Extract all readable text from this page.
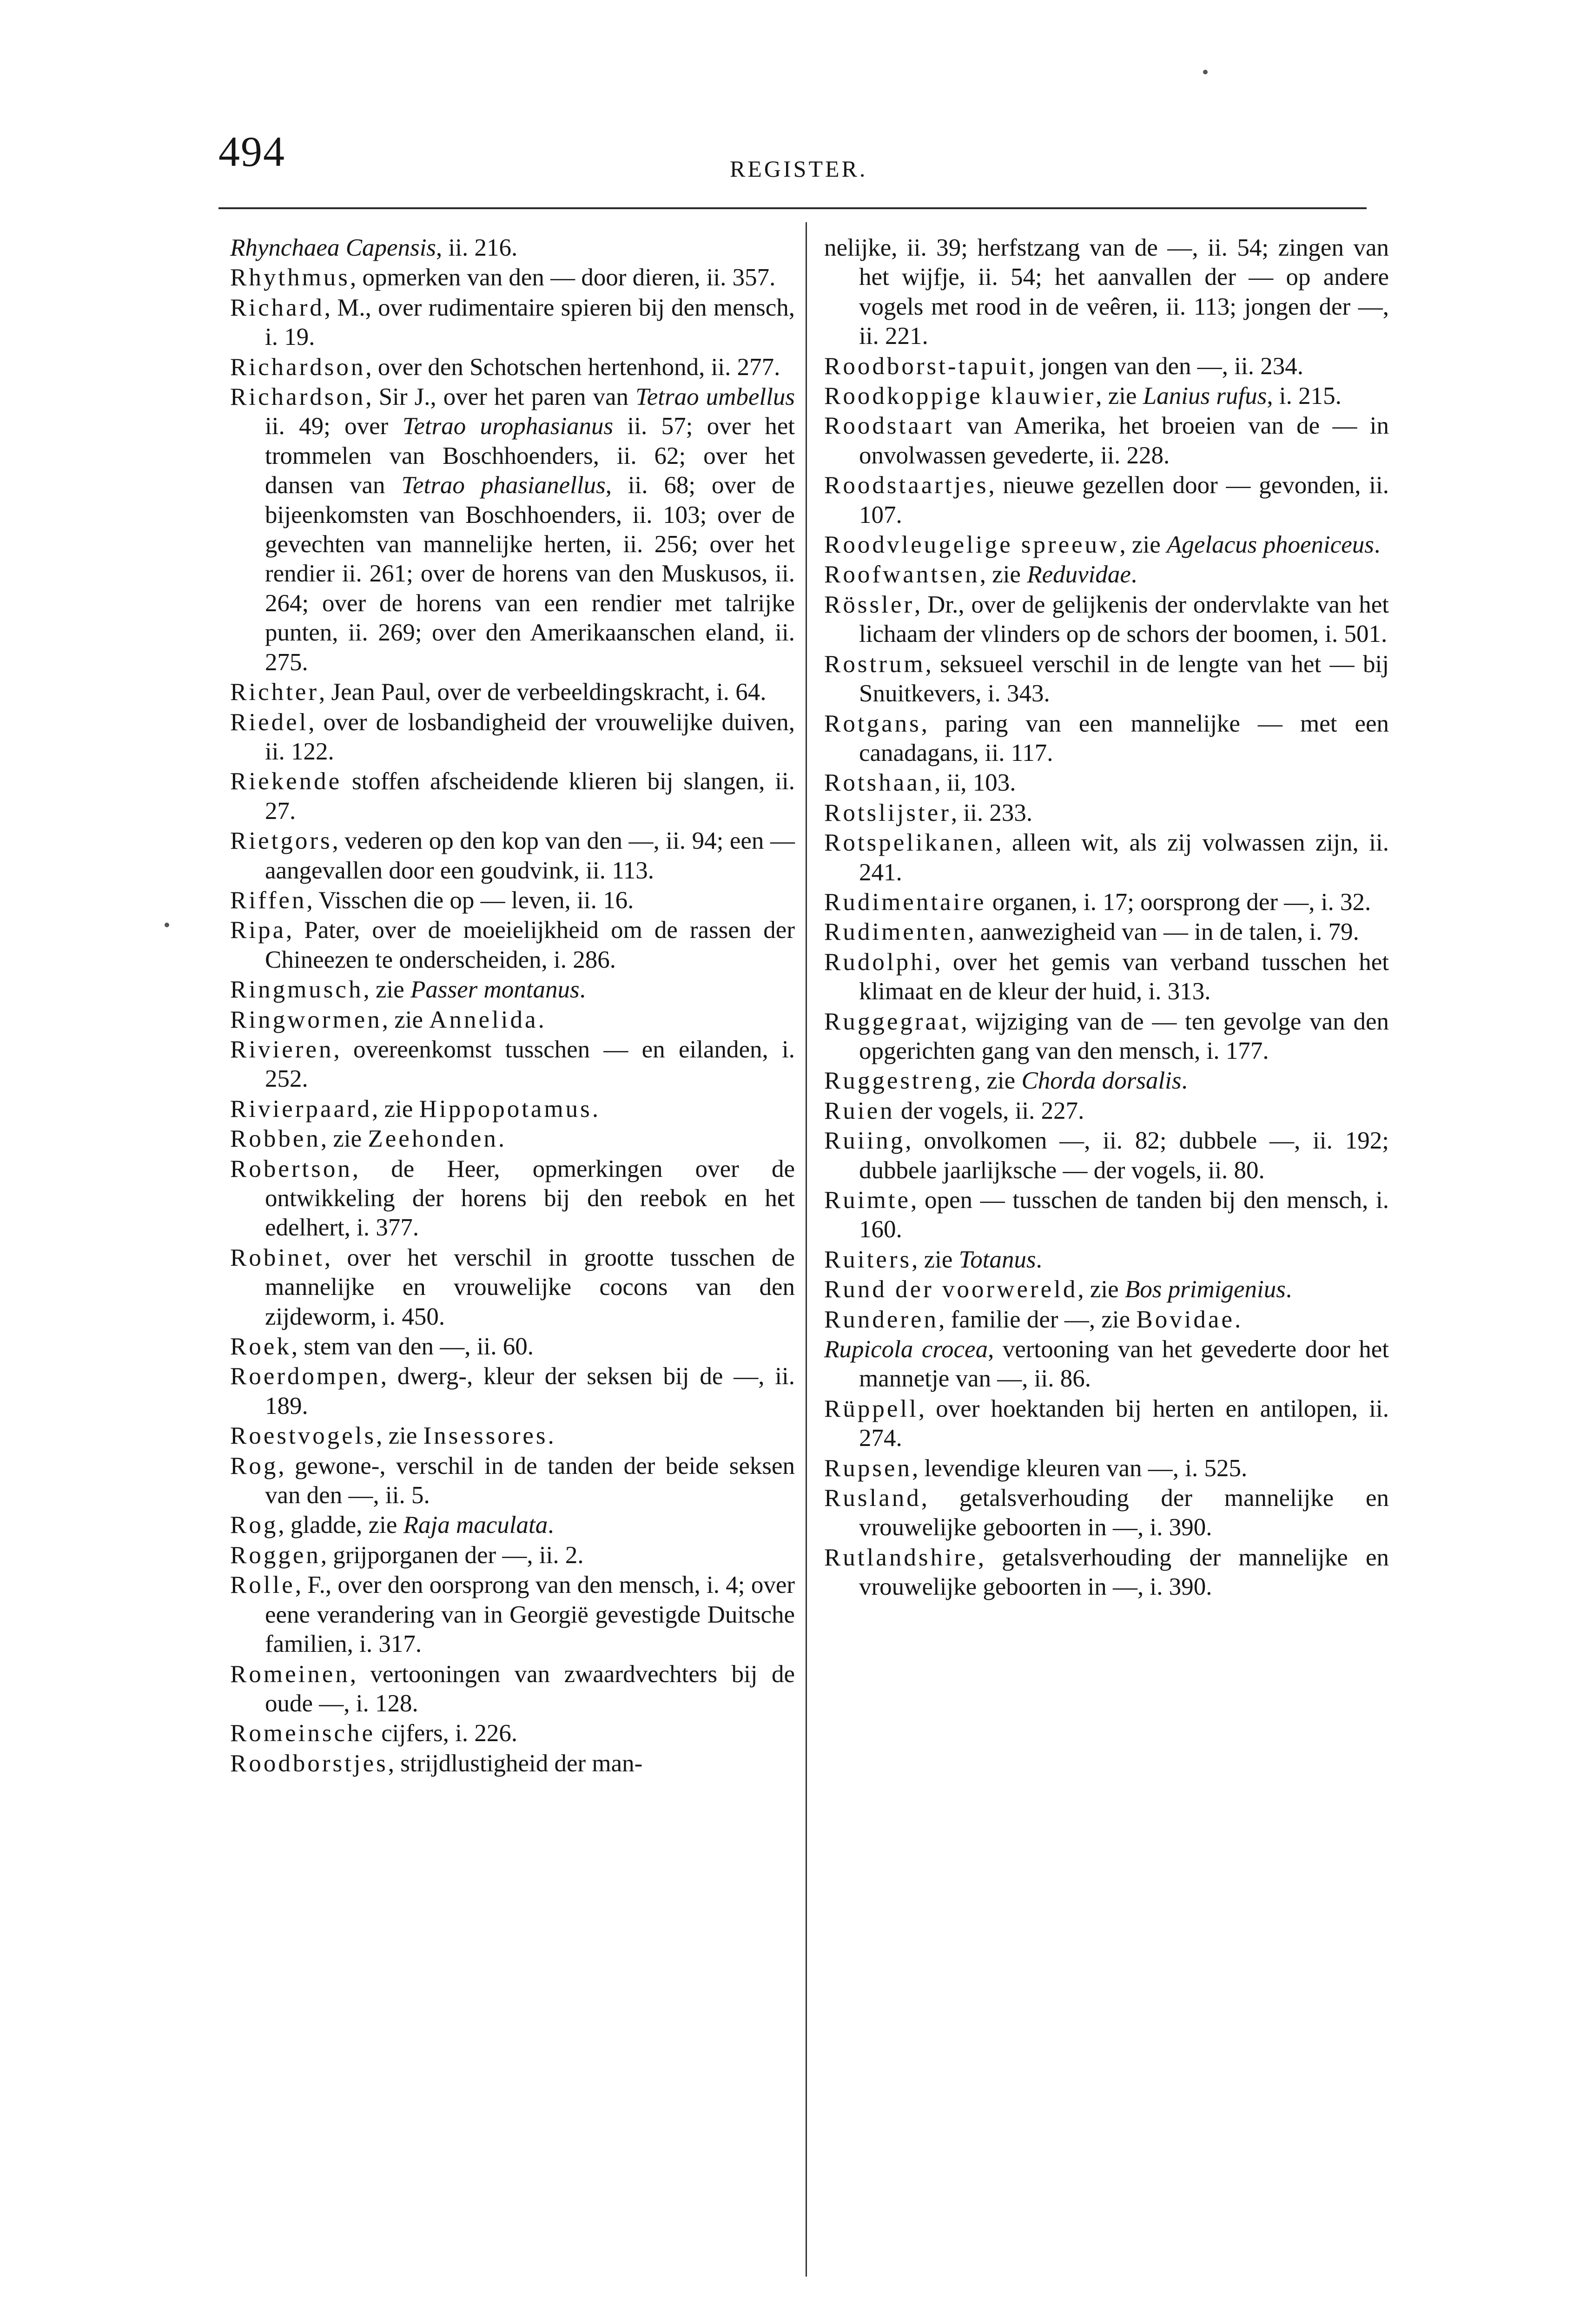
494	REGISTER.

Rhynchaea Capensis, ii. 216.

Rhythmus, opmerken van den — door dieren, ii. 357.

Richard, M., over rudimentaire spieren bij den mensch, i. 19.

Richardson, over den Schotschen hertenhond, ii. 277.

Richardson, Sir J., over het paren van Tetrao umbellus ii. 49; over Tetrao urophasianus ii. 57; over het trommelen van Boschhoenders, ii. 62; over het dansen van Tetrao phasianellus, ii. 68; over de bijeenkomsten van Boschhoenders, ii. 103; over de gevechten van mannelijke herten, ii. 256; over het rendier ii. 261; over de horens van den Muskusos, ii. 264; over de horens van een rendier met talrijke punten, ii. 269; over den Amerikaanschen eland, ii. 275.

Richter, Jean Paul, over de verbeeldingskracht, i. 64.

Riedel, over de losbandigheid der vrouwelijke duiven, ii. 122.

Riekende stoffen afscheidende klieren bij slangen, ii. 27.

Rietgors, vederen op den kop van den —, ii. 94; een — aangevallen door een goudvink, ii. 113.

Riffen, Visschen die op — leven, ii. 16.

Ripa, Pater, over de moeielijkheid om de rassen der Chineezen te onderscheiden, i. 286.

Ringmusch, zie Passer montanus.

Ringwormen, zie Annelida.

Rivieren, overeenkomst tusschen — en eilanden, i. 252.

Rivierpaard, zie Hippopotamus.

Robben, zie Zeehonden.

Robertson, de Heer, opmerkingen over de ontwikkeling der horens bij den reebok en het edelhert, i. 377.

Robinet, over het verschil in grootte tusschen de mannelijke en vrouwelijke cocons van den zijdeworm, i. 450.

Roek, stem van den —, ii. 60.

Roerdompen, dwerg-, kleur der seksen bij de —, ii. 189.

Roestvogels, zie Insessores.

Rog, gewone-, verschil in de tanden der beide seksen van den —, ii. 5.

Rog, gladde, zie Raja maculata.

Roggen, grijporganen der —, ii. 2.

Rolle, F., over den oorsprong van den mensch, i. 4; over eene verandering van in Georgië gevestigde Duitsche familien, i. 317.

Romeinen, vertooningen van zwaardvechters bij de oude —, i. 128.

Romeinsche cijfers, i. 226.

Roodborstjes, strijdlustigheid der man-

nelijke, ii. 39; herfstzang van de —, ii. 54; zingen van het wijfje, ii. 54; het aanvallen der — op andere vogels met rood in de veêren, ii. 113; jongen der —, ii. 221.

Roodborst-tapuit, jongen van den —, ii. 234.

Roodkoppige klauwier, zie Lanius rufus, i. 215.

Roodstaart van Amerika, het broeien van de — in onvolwassen gevederte, ii. 228.

Roodstaartjes, nieuwe gezellen door — gevonden, ii. 107.

Roodvleugelige spreeuw, zie Agelacus phoeniceus.

Roofwantsen, zie Reduvidae.

Rössler, Dr., over de gelijkenis der ondervlakte van het lichaam der vlinders op de schors der boomen, i. 501.

Rostrum, seksueel verschil in de lengte van het — bij Snuitkevers, i. 343.

Rotgans, paring van een mannelijke — met een canadagans, ii. 117.

Rotshaan, ii, 103.

Rotslijster, ii. 233.

Rotspelikanen, alleen wit, als zij volwassen zijn, ii. 241.

Rudimentaire organen, i. 17; oorsprong der —, i. 32.

Rudimenten, aanwezigheid van — in de talen, i. 79.

Rudolphi, over het gemis van verband tusschen het klimaat en de kleur der huid, i. 313.

Ruggegraat, wijziging van de — ten gevolge van den opgerichten gang van den mensch, i. 177.

Ruggestreng, zie Chorda dorsalis.

Ruien der vogels, ii. 227.

Ruiing, onvolkomen —, ii. 82; dubbele —, ii. 192; dubbele jaarlijksche — der vogels, ii. 80.

Ruimte, open — tusschen de tanden bij den mensch, i. 160.

Ruiters, zie Totanus.

Rund der voorwereld, zie Bos primigenius.

Runderen, familie der —, zie Bovidae.

Rupicola crocea, vertooning van het gevederte door het mannetje van —, ii. 86.

Rüppell, over hoektanden bij herten en antilopen, ii. 274.

Rupsen, levendige kleuren van —, i. 525.

Rusland, getalsverhouding der mannelijke en vrouwelijke geboorten in —, i. 390.

Rutlandshire, getalsverhouding der mannelijke en vrouwelijke geboorten in —, i. 390.
